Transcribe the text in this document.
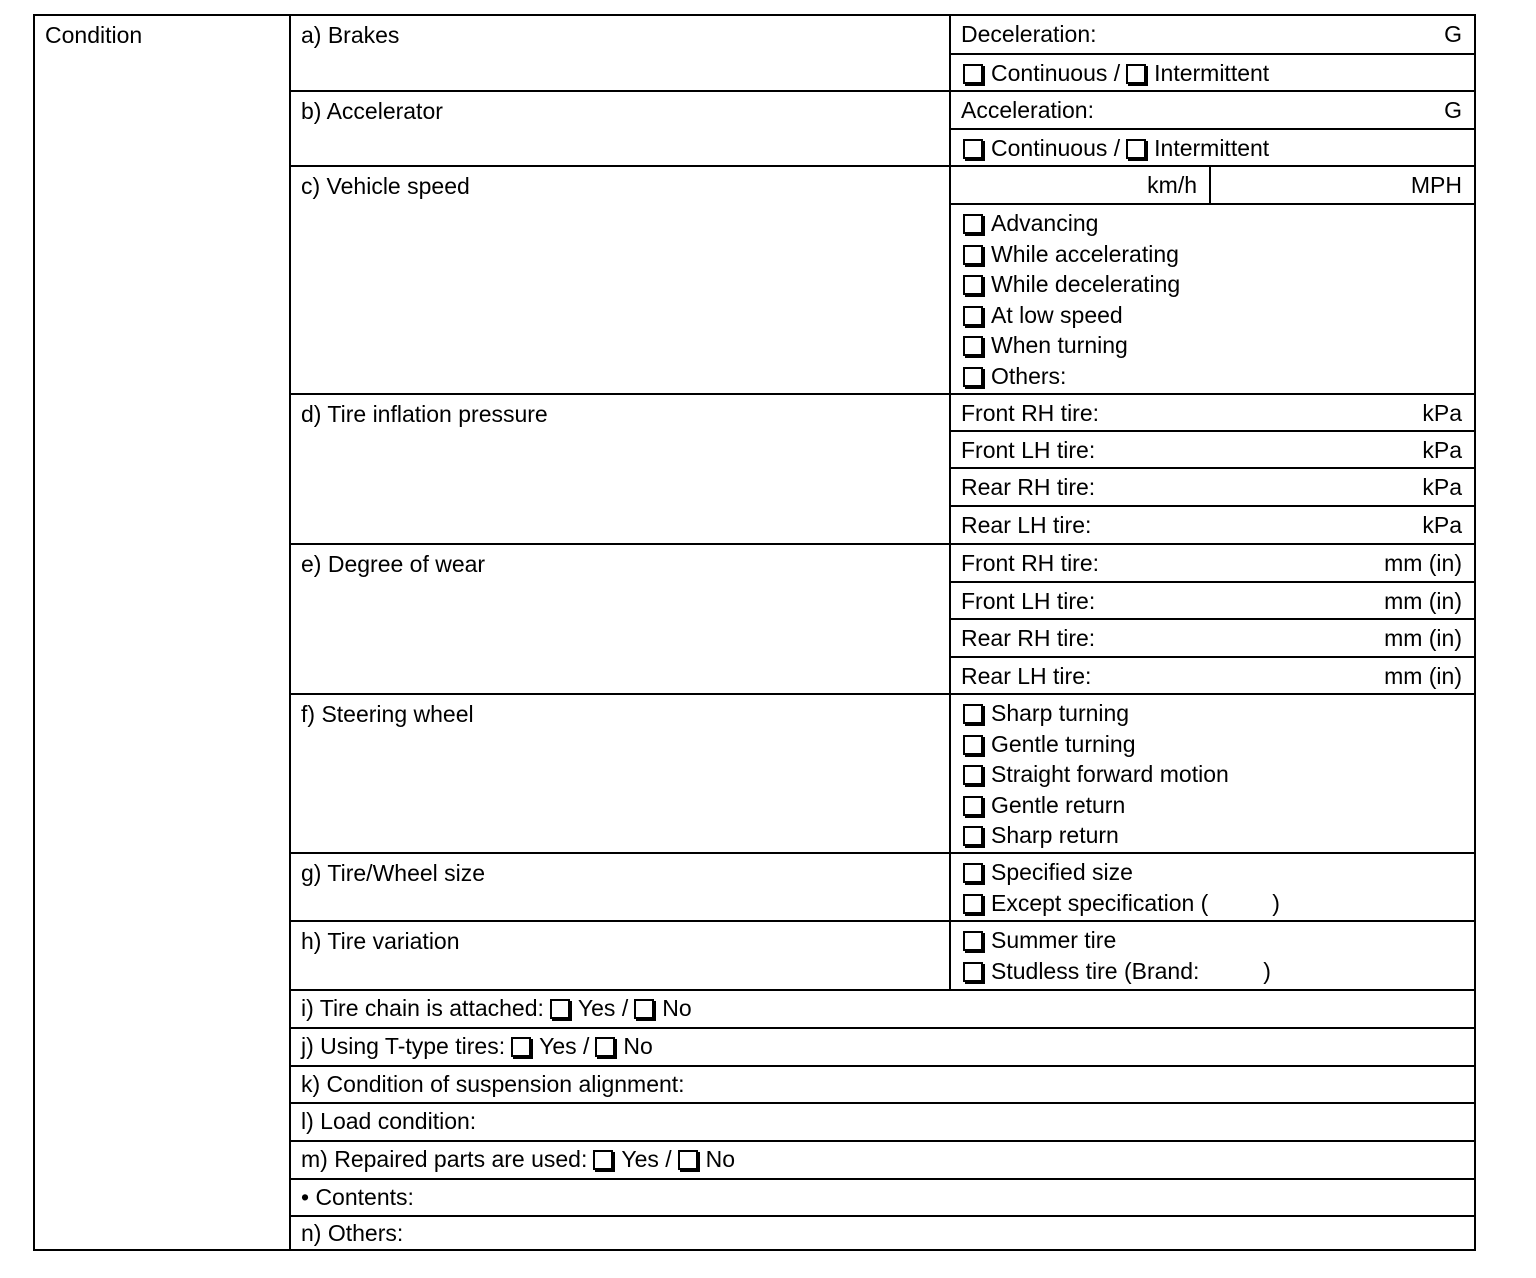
Condition	a) Brakes	Deceleration:	G
Continuous / Intermittent
b) Accelerator	Acceleration:	G
Continuous / Intermittent
c) Vehicle speed	km/h	MPH
Advancing
While accelerating
While decelerating
At low speed
When turning
Others:
d) Tire inflation pressure	Front RH tire:	kPa
Front LH tire:	kPa
Rear RH tire:	kPa
Rear LH tire:	kPa
e) Degree of wear	Front RH tire:	mm (in)
Front LH tire:	mm (in)
Rear RH tire:	mm (in)
Rear LH tire:	mm (in)
f) Steering wheel	Sharp turning
Gentle turning
Straight forward motion
Gentle return
Sharp return
g) Tire/Wheel size	Specified size
Except specification (          )
h) Tire variation	Summer tire
Studless tire (Brand:          )
i) Tire chain is attached: Yes / No
j) Using T-type tires: Yes / No
k) Condition of suspension alignment:
l) Load condition:
m) Repaired parts are used: Yes / No
• Contents:
n) Others:
